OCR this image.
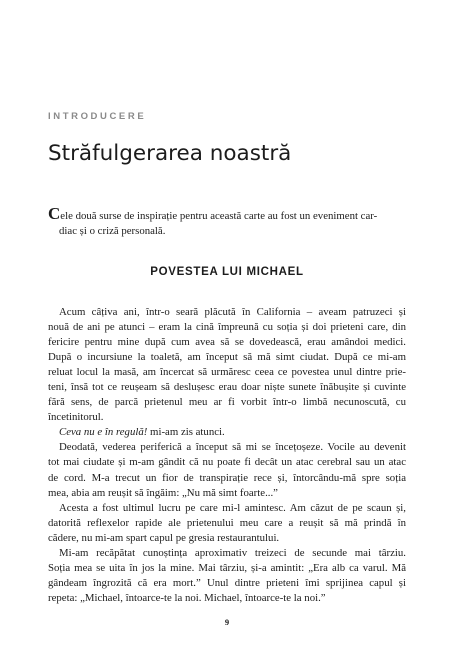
INTRODUCERE
Străfulgerarea noastră
Cele două surse de inspirație pentru această carte au fost un eveniment car-
diac și o criză personală.
POVESTEA LUI MICHAEL
Acum câțiva ani, într-o seară plăcută în California – aveam patruzeci și
nouă de ani pe atunci – eram la cină împreună cu soția și doi prieteni care, din
fericire pentru mine după cum avea să se dovedească, erau amândoi medici.
După o incursiune la toaletă, am început să mă simt ciudat. După ce mi-am
reluat locul la masă, am încercat să urmăresc ceea ce povestea unul dintre prie-
teni, însă tot ce reușeam să deslușesc erau doar niște sunete înăbușite și cuvinte
fără sens, de parcă prietenul meu ar fi vorbit într-o limbă necunoscută, cu
încetinitorul.
Ceva nu e în regulă! mi-am zis atunci.
Deodată, vederea periferică a început să mi se încețoșeze. Vocile au devenit
tot mai ciudate și m-am gândit că nu poate fi decât un atac cerebral sau un atac
de cord. M-a trecut un fior de transpirație rece și, întorcându-mă spre soția
mea, abia am reușit să îngăim: „Nu mă simt foarte...”
Acesta a fost ultimul lucru pe care mi-l amintesc. Am căzut de pe scaun și,
datorită reflexelor rapide ale prietenului meu care a reușit să mă prindă în
cădere, nu mi-am spart capul pe gresia restaurantului.
Mi-am recăpătat cunoștința aproximativ treizeci de secunde mai târziu.
Soția mea se uita în jos la mine. Mai târziu, și-a amintit: „Era alb ca varul. Mă
gândeam îngrozită că era mort.” Unul dintre prieteni îmi sprijinea capul și
repeta: „Michael, întoarce-te la noi. Michael, întoarce-te la noi.”
9
